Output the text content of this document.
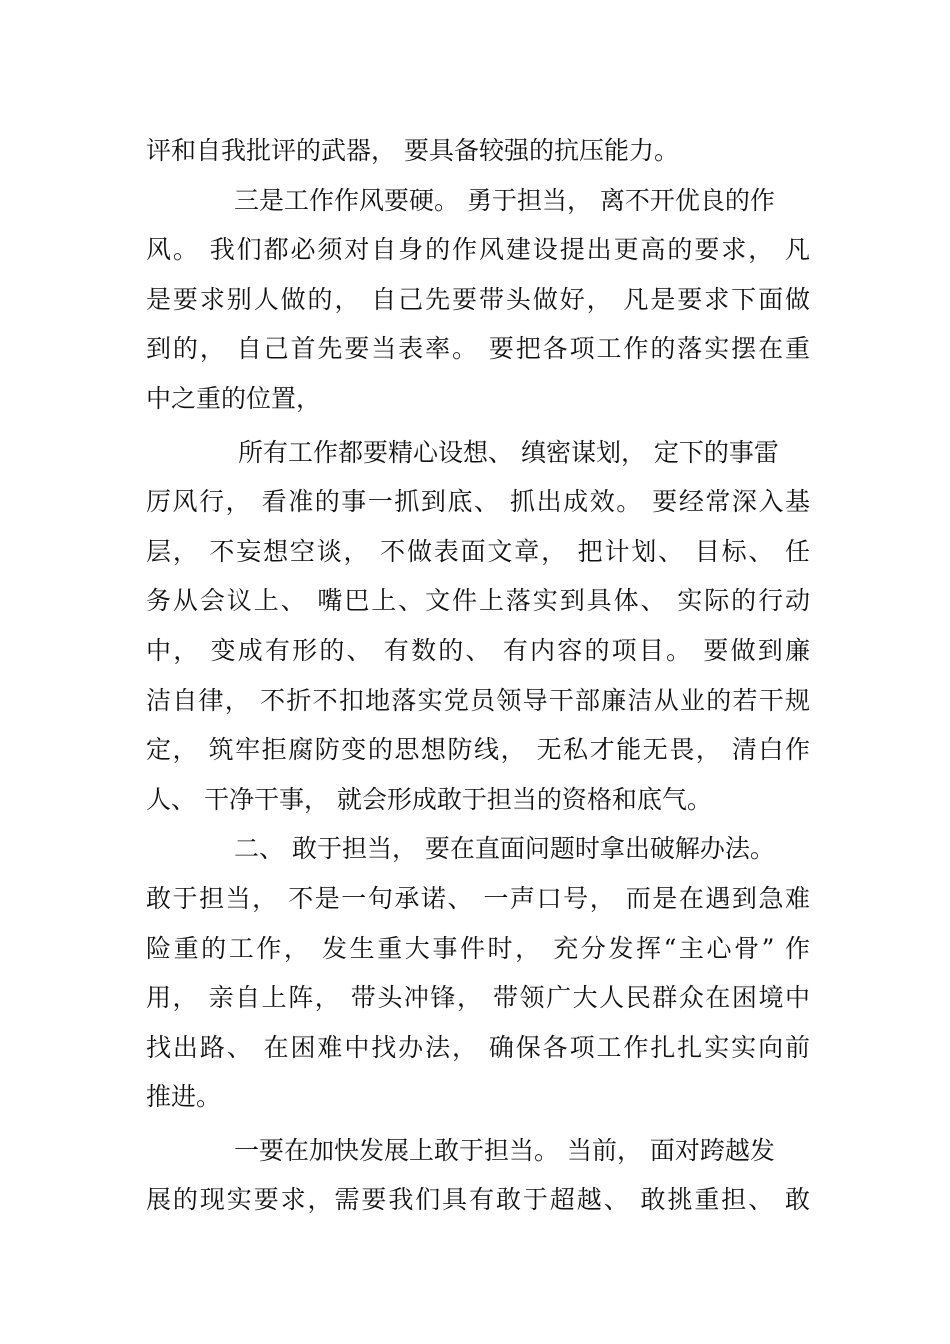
评和自我批评的武器， 要具备较强的抗压能力。
三是工作作风要硬。 勇于担当， 离不开优良的作
风。 我们都必须对自身的作风建设提出更高的要求， 凡
是要求别人做的， 自己先要带头做好， 凡是要求下面做
到的， 自己首先要当表率。 要把各项工作的落实摆在重
中之重的位置，
所有工作都要精心设想、 缜密谋划， 定下的事雷
厉风行， 看准的事一抓到底、 抓出成效。 要经常深入基
层， 不妄想空谈， 不做表面文章， 把计划、 目标、 任
务从会议上、 嘴巴上、文件上落实到具体、 实际的行动
中， 变成有形的、 有数的、 有内容的项目。 要做到廉
洁自律， 不折不扣地落实党员领导干部廉洁从业的若干规
定， 筑牢拒腐防变的思想防线， 无私才能无畏， 清白作
人、 干净干事， 就会形成敢于担当的资格和底气。
二、 敢于担当， 要在直面问题时拿出破解办法。
敢于担当， 不是一句承诺、 一声口号， 而是在遇到急难
险重的工作， 发生重大事件时， 充分发挥“主心骨” 作
用， 亲自上阵， 带头冲锋， 带领广大人民群众在困境中
找出路、 在困难中找办法， 确保各项工作扎扎实实向前
推进。
一要在加快发展上敢于担当。 当前， 面对跨越发
展的现实要求，需要我们具有敢于超越、 敢挑重担、 敢
